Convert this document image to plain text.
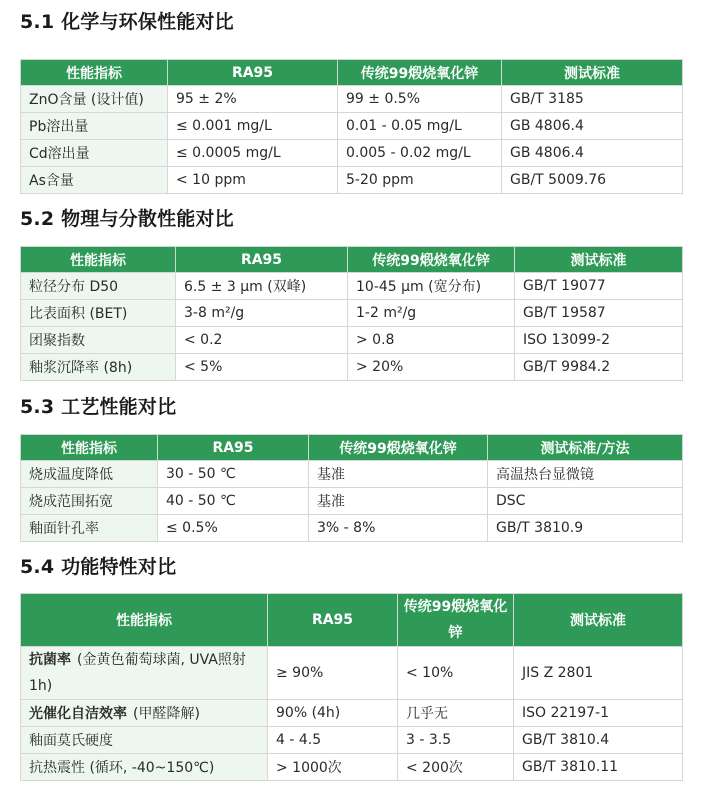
5.1 化学与环保性能对比
性能指标	RA95	传统99煅烧氧化锌	测试标准
ZnO含量 (设计值)	95 ± 2%	99 ± 0.5%	GB/T 3185
Pb溶出量	≤ 0.001 mg/L	0.01 - 0.05 mg/L	GB 4806.4
Cd溶出量	≤ 0.0005 mg/L	0.005 - 0.02 mg/L	GB 4806.4
As含量	< 10 ppm	5-20 ppm	GB/T 5009.76
5.2 物理与分散性能对比
性能指标	RA95	传统99煅烧氧化锌	测试标准
粒径分布 D50	6.5 ± 3 μm (双峰)	10-45 μm (宽分布)	GB/T 19077
比表面积 (BET)	3-8 m²/g	1-2 m²/g	GB/T 19587
团聚指数	< 0.2	> 0.8	ISO 13099-2
釉浆沉降率 (8h)	< 5%	> 20%	GB/T 9984.2
5.3 工艺性能对比
性能指标	RA95	传统99煅烧氧化锌	测试标准/方法
烧成温度降低	30 - 50 ℃	基准	高温热台显微镜
烧成范围拓宽	40 - 50 ℃	基准	DSC
釉面针孔率	≤ 0.5%	3% - 8%	GB/T 3810.9
5.4 功能特性对比
性能指标	RA95	传统99煅烧氧化锌	测试标准
抗菌率 (金黄色葡萄球菌, UVA照射1h)	≥ 90%	< 10%	JIS Z 2801
光催化自洁效率 (甲醛降解)	90% (4h)	几乎无	ISO 22197-1
釉面莫氏硬度	4 - 4.5	3 - 3.5	GB/T 3810.4
抗热震性 (循环, -40~150℃)	> 1000次	< 200次	GB/T 3810.11
